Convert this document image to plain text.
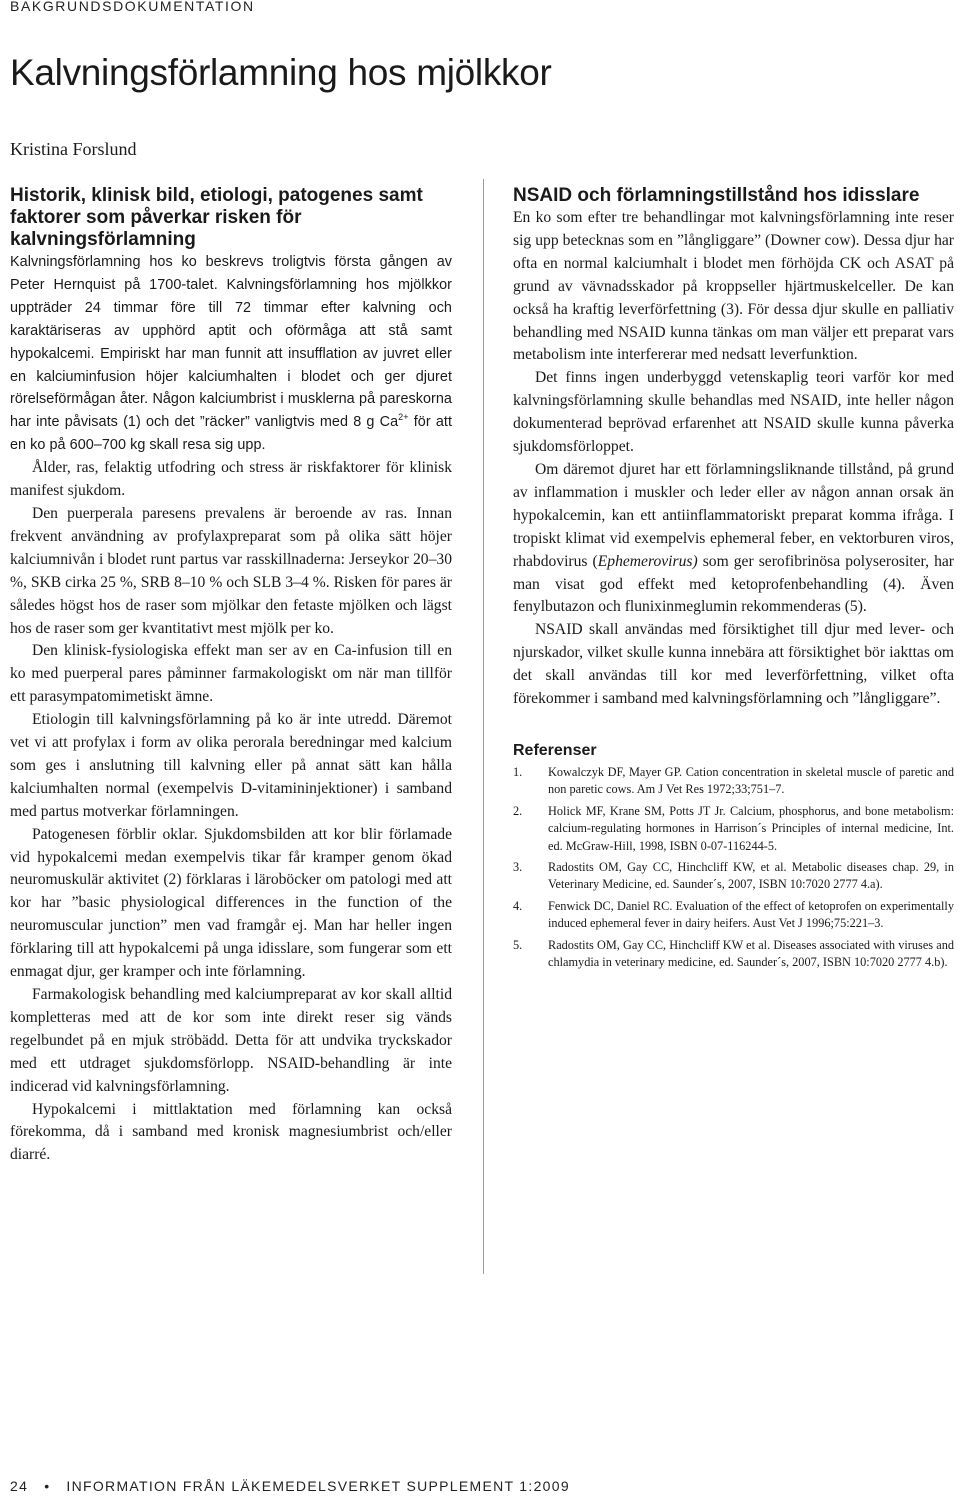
BAKGRUNDSDOKUMENTATION
Kalvningsförlamning hos mjölkkor
Kristina Forslund
Historik, klinisk bild, etiologi, patogenes samt faktorer som påverkar risken för kalvningsförlamning

Kalvningsförlamning hos ko beskrevs troligtvis första gången av Peter Hernquist på 1700-talet. Kalvningsförlamning hos mjölkkor uppträder 24 timmar före till 72 timmar efter kalvning och karaktäriseras av upphörd aptit och oförmåga att stå samt hypokalcemi. Empiriskt har man funnit att insufflation av juvret eller en kalciuminfusion höjer kalciumhalten i blodet och ger djuret rörelseförmågan åter. Någon kalciumbrist i musklerna på pareskorna har inte påvisats (1) och det ”räcker” vanligtvis med 8 g $Ca^{2+}$ för att en ko på 600–700 kg skall resa sig upp.

Ålder, ras, felaktig utfodring och stress är riskfaktorer för klinisk manifest sjukdom.

Den puerperala paresens prevalens är beroende av ras. Innan frekvent användning av profylaxpreparat som på olika sätt höjer kalciumnivån i blodet runt partus var rasskillnaderna: Jerseykor 20–30 %, SKB cirka 25 %, SRB 8–10 % och SLB 3–4 %. Risken för pares är således högst hos de raser som mjölkar den fetaste mjölken och lägst hos de raser som ger kvantitativt mest mjölk per ko.

Den klinisk-fysiologiska effekt man ser av en Ca-infusion till en ko med puerperal pares påminner farmakologiskt om när man tillför ett parasympatomimetiskt ämne.

Etiologin till kalvningsförlamning på ko är inte utredd. Däremot vet vi att profylax i form av olika perorala beredningar med kalcium som ges i anslutning till kalvning eller på annat sätt kan hålla kalciumhalten normal (exempelvis D-vitamininjektioner) i samband med partus motverkar förlamningen.

Patogenesen förblir oklar. Sjukdomsbilden att kor blir förlamade vid hypokalcemi medan exempelvis tikar får kramper genom ökad neuromuskulär aktivitet (2) förklaras i läroböcker om patologi med att kor har ”basic physiological differences in the function of the neuromuscular junction” men vad framgår ej. Man har heller ingen förklaring till att hypokalcemi på unga idisslare, som fungerar som ett enmagat djur, ger kramper och inte förlamning.

Farmakologisk behandling med kalciumpreparat av kor skall alltid kompletteras med att de kor som inte direkt reser sig vänds regelbundet på en mjuk ströbädd. Detta för att undvika tryckskador med ett utdraget sjukdomsförlopp. NSAID-behandling är inte indicerad vid kalvningsförlamning.

Hypokalcemi i mittlaktation med förlamning kan också förekomma, då i samband med kronisk magnesiumbrist och/eller diarré.

NSAID och förlamningstillstånd hos idisslare

En ko som efter tre behandlingar mot kalvningsförlamning inte reser sig upp betecknas som en ”långliggare” (Downer cow). Dessa djur har ofta en normal kalciumhalt i blodet men förhöjda CK och ASAT på grund av vävnadsskador på kroppseller hjärtmuskelceller. De kan också ha kraftig leverförfettning (3). För dessa djur skulle en palliativ behandling med NSAID kunna tänkas om man väljer ett preparat vars metabolism inte interfererar med nedsatt leverfunktion.

Det finns ingen underbyggd vetenskaplig teori varför kor med kalvningsförlamning skulle behandlas med NSAID, inte heller någon dokumenterad beprövad erfarenhet att NSAID skulle kunna påverka sjukdomsförloppet.

Om däremot djuret har ett förlamningsliknande tillstånd, på grund av inflammation i muskler och leder eller av någon annan orsak än hypokalcemin, kan ett antiinflammatoriskt preparat komma ifråga. I tropiskt klimat vid exempelvis ephemeral feber, en vektorburen viros, rhabdovirus (Ephemerovirus) som ger serofibrinösa polyserositer, har man visat god effekt med ketoprofenbehandling (4). Även fenylbutazon och flunixinmeglumin rekommenderas (5).

NSAID skall användas med försiktighet till djur med lever- och njurskador, vilket skulle kunna innebära att försiktighet bör iakttas om det skall användas till kor med leverförfettning, vilket ofta förekommer i samband med kalvningsförlamning och ”långliggare”.

Referenser
1. Kowalczyk DF, Mayer GP. Cation concentration in skeletal muscle of paretic and non paretic cows. Am J Vet Res 1972;33;751–7.
2. Holick MF, Krane SM, Potts JT Jr. Calcium, phosphorus, and bone metabolism: calcium-regulating hormones in Harrison´s Principles of internal medicine, Int. ed. McGraw-Hill, 1998, ISBN 0-07-116244-5.
3. Radostits OM, Gay CC, Hinchcliff KW, et al. Metabolic diseases chap. 29, in Veterinary Medicine, ed. Saunder´s, 2007, ISBN 10:7020 2777 4.a).
4. Fenwick DC, Daniel RC. Evaluation of the effect of ketoprofen on experimentally induced ephemeral fever in dairy heifers. Aust Vet J 1996;75:221–3.
5. Radostits OM, Gay CC, Hinchcliff KW et al. Diseases associated with viruses and chlamydia in veterinary medicine, ed. Saunder´s, 2007, ISBN 10:7020 2777 4.b).
24 • INFORMATION FRÅN LÄKEMEDELSVERKET SUPPLEMENT 1:2009
